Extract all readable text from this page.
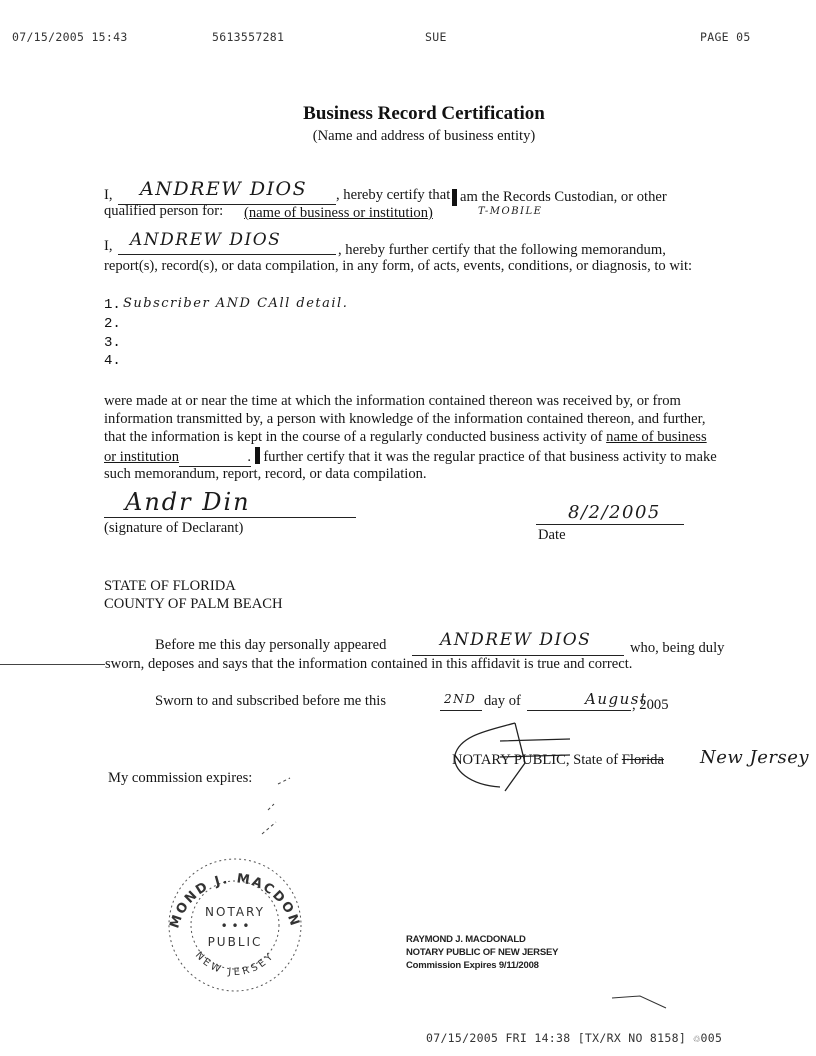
07/15/2005 15:43	5613557281	SUE	PAGE 05
Business Record Certification
(Name and address of business entity)
I, ANDREW DIOS , hereby certify that am the Records Custodian, or other
qualified person for: (name of business or institution)	T-MOBILE
I, ANDREW DIOS	, hereby further certify that the following memorandum,
report(s), record(s), or data compilation, in any form, of acts, events, conditions, or diagnosis, to wit:
1. Subscriber AND CAll detail.
2.
3.
4.
were made at or near the time at which the information contained thereon was received by, or from
information transmitted by, a person with knowledge of the information contained thereon, and further,
that the information is kept in the course of a regularly conducted business activity of name of business
or institution	. further certify that it was the regular practice of that business activity to make
such memorandum, report, record, or data compilation.
Andr Din
(signature of Declarant)
8/2/2005
Date
STATE OF FLORIDA
COUNTY OF PALM BEACH
Before me this day personally appeared	ANDREW DIOS	who, being duly
sworn, deposes and says that the information contained in this affidavit is true and correct.
Sworn to and subscribed before me this	2ND day of	August
, 2005
NOTARY PUBLIC, State of Florida New Jersey
My commission expires:
MOND J. MACDON
NEW JERSEY
NOTARY
• • •
PUBLIC	RAYMOND J. MACDONALD
NOTARY PUBLIC OF NEW JERSEY
Commission Expires 9/11/2008
07/15/2005 FRI 14:38 [TX/RX NO 8158] ♲005
